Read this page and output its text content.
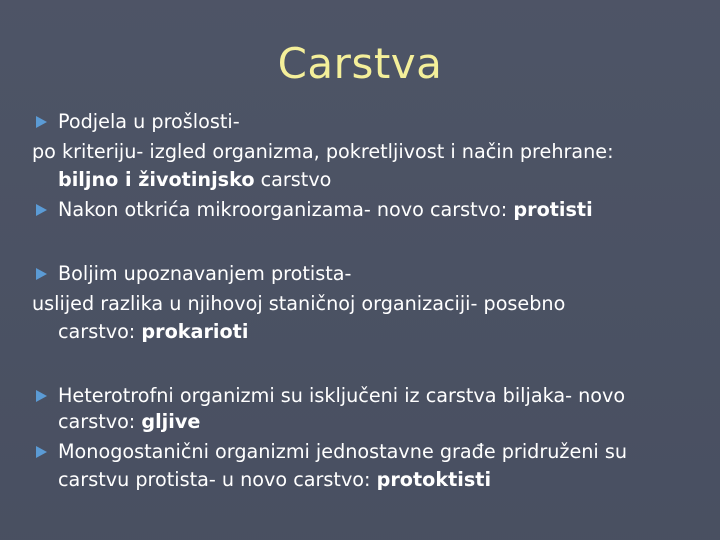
Carstva
Podjela u prošlosti-
po kriteriju- izgled organizma, pokretljivost i način prehrane:
biljno i životinjsko carstvo
Nakon otkrića mikroorganizama- novo carstvo: protisti
Boljim upoznavanjem protista-
uslijed razlika u njihovoj staničnoj organizaciji- posebno
carstvo: prokarioti
Heterotrofni organizmi su isključeni iz carstva biljaka- novo
carstvo: gljive
Monogostanični organizmi jednostavne građe pridruženi su
carstvu protista- u novo carstvo: protoktisti
